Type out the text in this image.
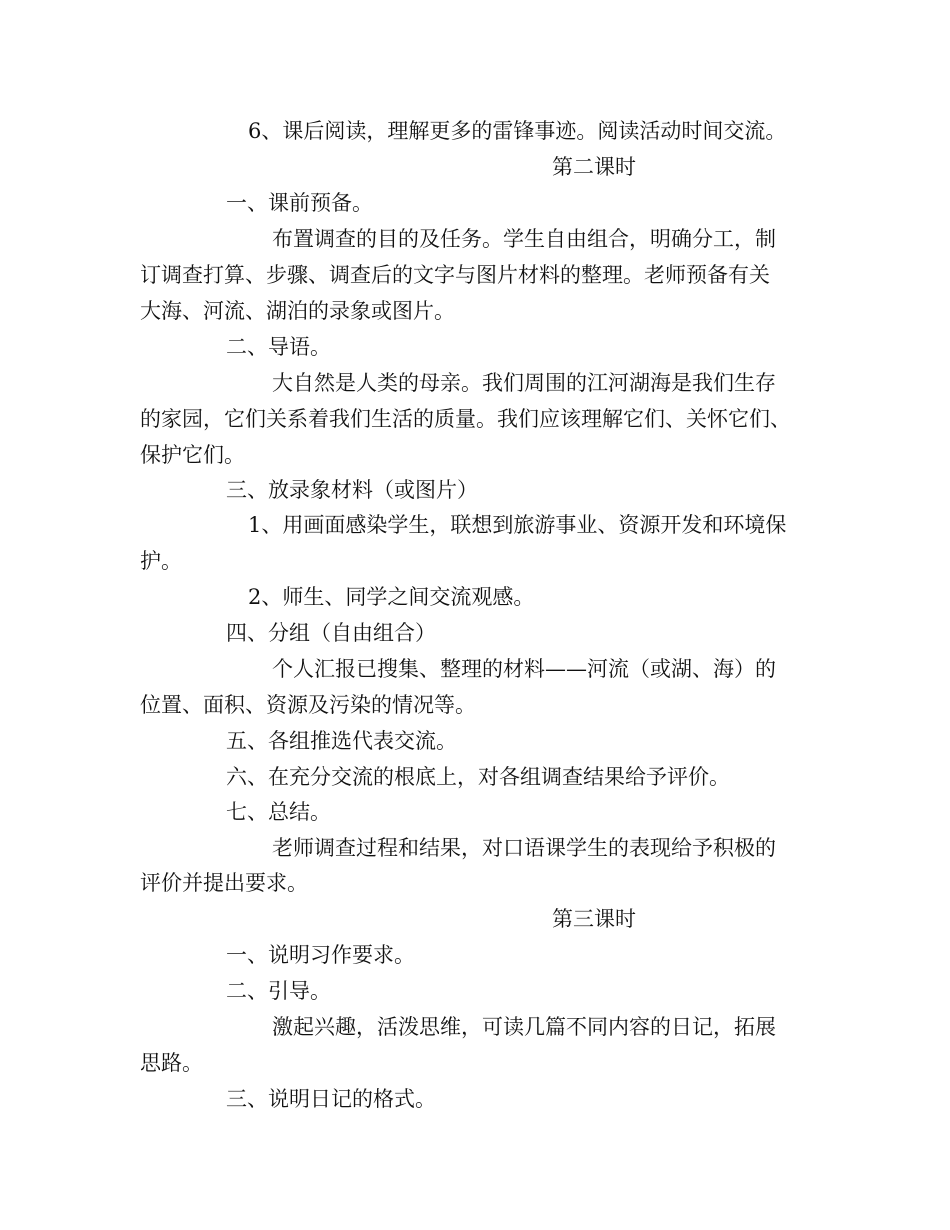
6、课后阅读，理解更多的雷锋事迹。阅读活动时间交流。
第二课时
一、课前预备。
布置调查的目的及任务。学生自由组合，明确分工，制
订调查打算、步骤、调查后的文字与图片材料的整理。老师预备有关
大海、河流、湖泊的录象或图片。
二、导语。
大自然是人类的母亲。我们周围的江河湖海是我们生存
的家园，它们关系着我们生活的质量。我们应该理解它们、关怀它们、
保护它们。
三、放录象材料（或图片）
1、用画面感染学生，联想到旅游事业、资源开发和环境保
护。
2、师生、同学之间交流观感。
四、分组（自由组合）
个人汇报已搜集、整理的材料——河流（或湖、海）的
位置、面积、资源及污染的情况等。
五、各组推选代表交流。
六、在充分交流的根底上，对各组调查结果给予评价。
七、总结。
老师调查过程和结果，对口语课学生的表现给予积极的
评价并提出要求。
第三课时
一、说明习作要求。
二、引导。
激起兴趣，活泼思维，可读几篇不同内容的日记，拓展
思路。
三、说明日记的格式。
